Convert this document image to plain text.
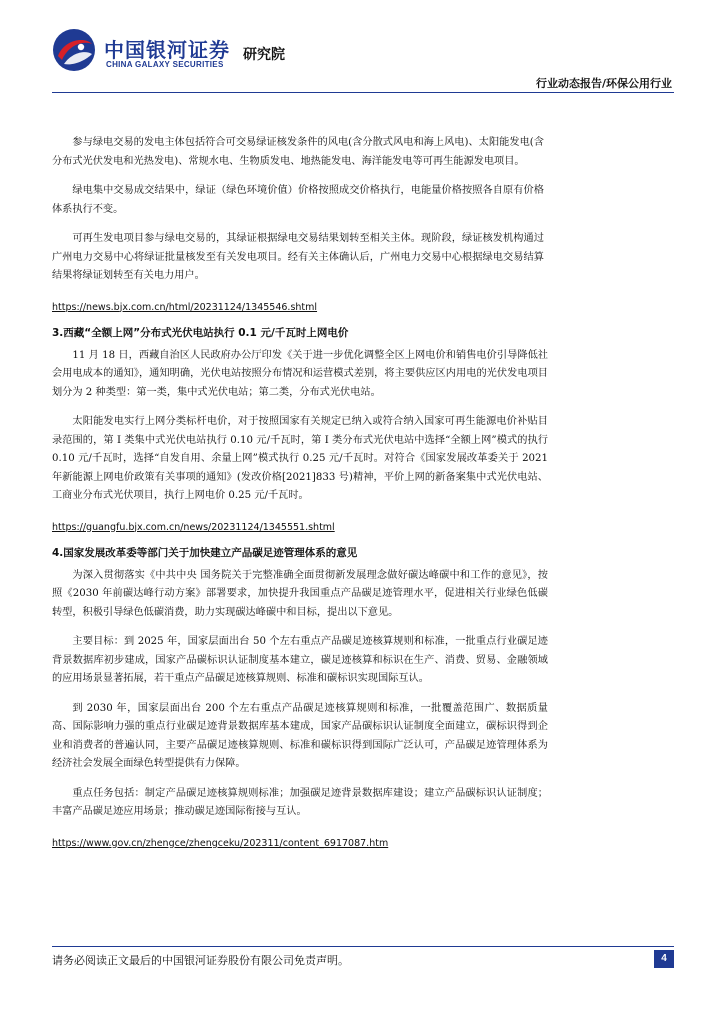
中国银河证券
CHINA GALAXY SECURITIES
研究院
行业动态报告/环保公用行业

参与绿电交易的发电主体包括符合可交易绿证核发条件的风电(含分散式风电和海上风电)、太阳能发电(含分布式光伏发电和光热发电)、常规水电、生物质发电、地热能发电、海洋能发电等可再生能源发电项目。

绿电集中交易成交结果中，绿证（绿色环境价值）价格按照成交价格执行，电能量价格按照各自原有价格体系执行不变。

可再生发电项目参与绿电交易的，其绿证根据绿电交易结果划转至相关主体。现阶段，绿证核发机构通过广州电力交易中心将绿证批量核发至有关发电项目。经有关主体确认后，广州电力交易中心根据绿电交易结算结果将绿证划转至有关电力用户。

https://news.bjx.com.cn/html/20231124/1345546.shtml

3.西藏“全额上网”分布式光伏电站执行 0.1 元/千瓦时上网电价

11 月 18 日，西藏自治区人民政府办公厅印发《关于进一步优化调整全区上网电价和销售电价引导降低社会用电成本的通知》，通知明确，光伏电站按照分布情况和运营模式差别，将主要供应区内用电的光伏发电项目划分为 2 种类型：第一类，集中式光伏电站；第二类，分布式光伏电站。

太阳能发电实行上网分类标杆电价，对于按照国家有关规定已纳入或符合纳入国家可再生能源电价补贴目录范围的，第 I 类集中式光伏电站执行 0.10 元/千瓦时，第 I 类分布式光伏电站中选择“全额上网”模式的执行 0.10 元/千瓦时，选择“自发自用、余量上网”模式执行 0.25 元/千瓦时。对符合《国家发展改革委关于 2021 年新能源上网电价政策有关事项的通知》(发改价格[2021]833 号)精神，平价上网的新备案集中式光伏电站、工商业分布式光伏项目，执行上网电价 0.25 元/千瓦时。

https://guangfu.bjx.com.cn/news/20231124/1345551.shtml

4.国家发展改革委等部门关于加快建立产品碳足迹管理体系的意见

为深入贯彻落实《中共中央 国务院关于完整准确全面贯彻新发展理念做好碳达峰碳中和工作的意见》，按照《2030 年前碳达峰行动方案》部署要求，加快提升我国重点产品碳足迹管理水平，促进相关行业绿色低碳转型，积极引导绿色低碳消费，助力实现碳达峰碳中和目标，提出以下意见。

主要目标：到 2025 年，国家层面出台 50 个左右重点产品碳足迹核算规则和标准，一批重点行业碳足迹背景数据库初步建成，国家产品碳标识认证制度基本建立，碳足迹核算和标识在生产、消费、贸易、金融领域的应用场景显著拓展，若干重点产品碳足迹核算规则、标准和碳标识实现国际互认。

到 2030 年，国家层面出台 200 个左右重点产品碳足迹核算规则和标准，一批覆盖范围广、数据质量高、国际影响力强的重点行业碳足迹背景数据库基本建成，国家产品碳标识认证制度全面建立，碳标识得到企业和消费者的普遍认同，主要产品碳足迹核算规则、标准和碳标识得到国际广泛认可，产品碳足迹管理体系为经济社会发展全面绿色转型提供有力保障。

重点任务包括：制定产品碳足迹核算规则标准；加强碳足迹背景数据库建设；建立产品碳标识认证制度；丰富产品碳足迹应用场景；推动碳足迹国际衔接与互认。

https://www.gov.cn/zhengce/zhengceku/202311/content_6917087.htm
请务必阅读正文最后的中国银河证券股份有限公司免责声明。	4
